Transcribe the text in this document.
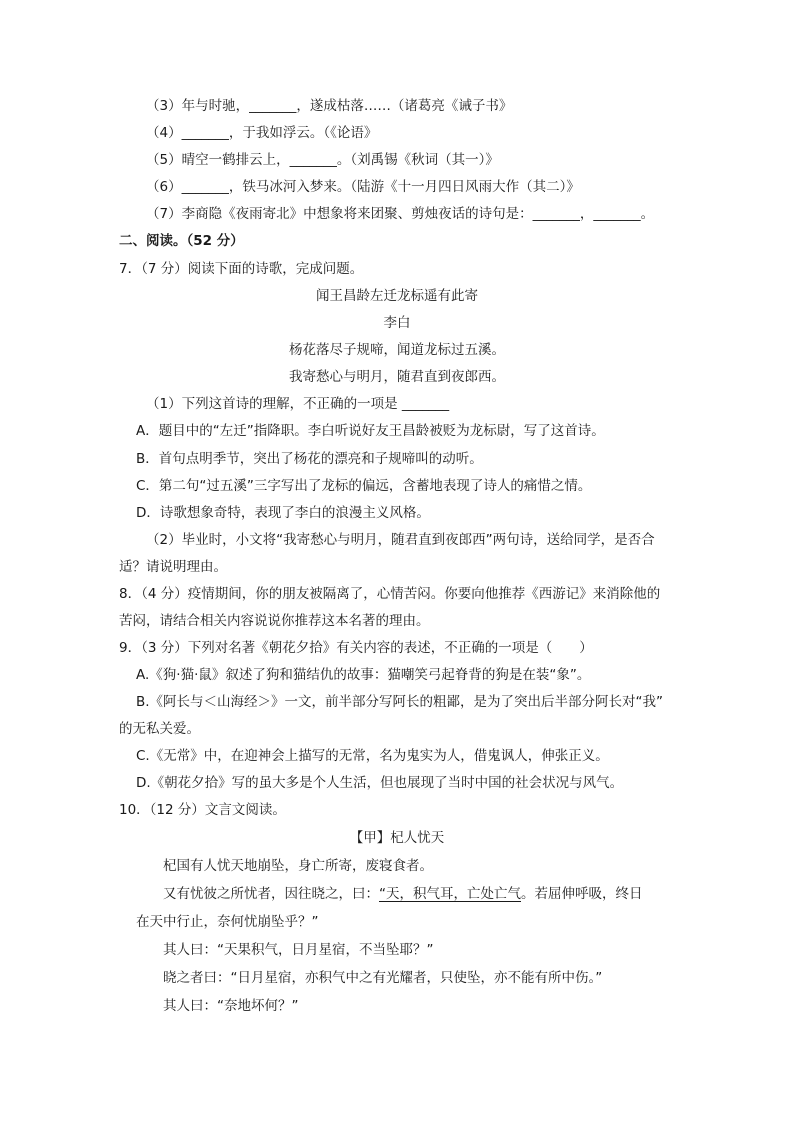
（3）年与时驰，_______，遂成枯落……（诸葛亮《诫子书》
（4）_______，于我如浮云。（《论语》
（5）晴空一鹤排云上，_______。（刘禹锡《秋词（其一）》
（6）_______，铁马冰河入梦来。（陆游《十一月四日风雨大作（其二）》
（7）李商隐《夜雨寄北》中想象将来团聚、剪烛夜话的诗句是：_______，_______。
二、阅读。（52 分）
7．（7 分）阅读下面的诗歌，完成问题。
闻王昌龄左迁龙标遥有此寄
李白
杨花落尽子规啼，闻道龙标过五溪。
我寄愁心与明月，随君直到夜郎西。
（1）下列这首诗的理解，不正确的一项是 _______
A．题目中的“左迁”指降职。李白听说好友王昌龄被贬为龙标尉，写了这首诗。
B．首句点明季节，突出了杨花的漂亮和子规啼叫的动听。
C．第二句“过五溪”三字写出了龙标的偏远，含蓄地表现了诗人的痛惜之情。
D．诗歌想象奇特，表现了李白的浪漫主义风格。
（2）毕业时，小文将“我寄愁心与明月，随君直到夜郎西”两句诗，送给同学，是否合
适？请说明理由。
8．（4 分）疫情期间，你的朋友被隔离了，心情苦闷。你要向他推荐《西游记》来消除他的
苦闷，请结合相关内容说说你推荐这本名著的理由。
9．（3 分）下列对名著《朝花夕拾》有关内容的表述，不正确的一项是（　　）
A.《狗·猫·鼠》叙述了狗和猫结仇的故事：猫嘲笑弓起脊背的狗是在装“象”。
B.《阿长与＜山海经＞》一文，前半部分写阿长的粗鄙，是为了突出后半部分阿长对“我”
的无私关爱。
C.《无常》中，在迎神会上描写的无常，名为鬼实为人，借鬼讽人，伸张正义。
D.《朝花夕拾》写的虽大多是个人生活，但也展现了当时中国的社会状况与风气。
10．（12 分）文言文阅读。
【甲】杞人忧天
杞国有人忧天地崩坠，身亡所寄，废寝食者。
又有忧彼之所忧者，因往晓之，曰：“天，积气耳，亡处亡气。若屈伸呼吸，终日
在天中行止，奈何忧崩坠乎？”
其人曰：“天果积气，日月星宿，不当坠耶？”
晓之者曰：“日月星宿，亦积气中之有光耀者，只使坠，亦不能有所中伤。”
其人曰：“奈地坏何？”
